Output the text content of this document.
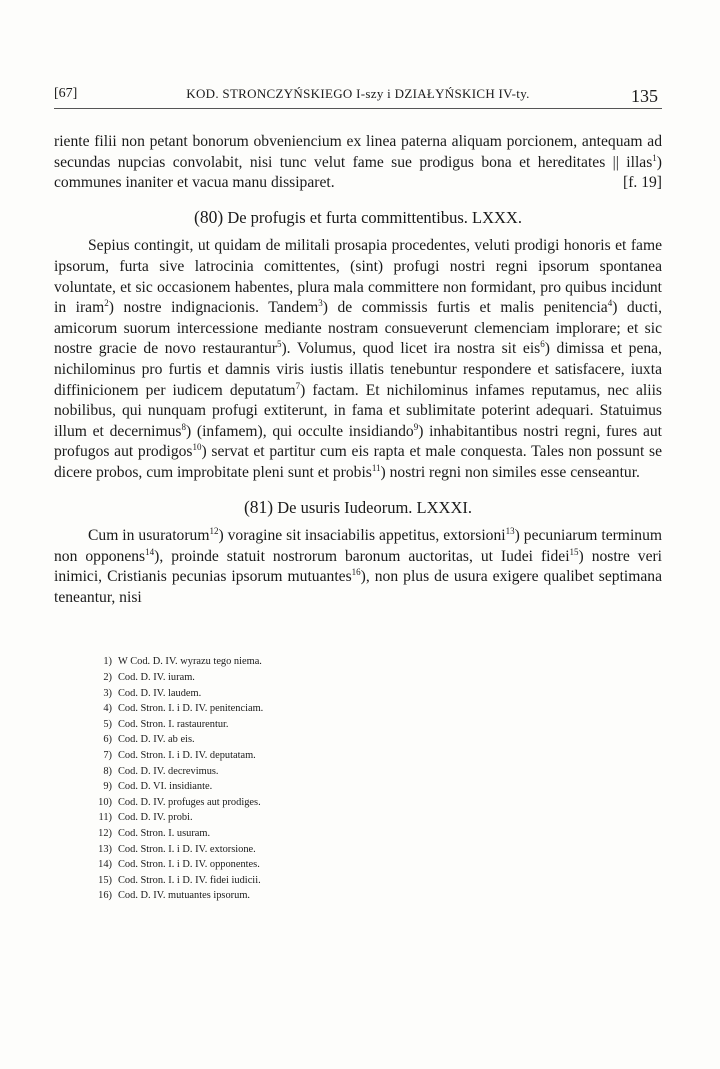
[67]	KOD. STRONCZYŃSKIEGO I-szy i DZIAŁYŃSKICH IV-ty.	135

riente filii non petant bonorum obveniencium ex linea paterna aliquam porcionem, antequam ad secundas nupcias convolabit, nisi tunc velut fame sue prodigus bona et hereditates || illas$^1$) communes inaniter et vacua	[f. 19]
manu dissiparet.

(80) De profugis et furta committentibus. LXXX.

Sepius contingit, ut quidam de militali prosapia procedentes, veluti prodigi honoris et fame ipsorum, furta sive latrocinia comittentes, (sint) profugi nostri regni ipsorum spontanea voluntate, et sic occasionem habentes, plura mala committere non formidant, pro quibus incidunt in iram$^2$) nostre indignacionis. Tandem$^3$) de commissis furtis et malis penitencia$^4$) ducti, amicorum suorum intercessione mediante nostram consueverunt clemenciam implorare; et sic nostre gracie de novo restaurantur$^5$). Volumus, quod licet ira nostra sit eis$^6$) dimissa et pena, nichilominus pro furtis et damnis viris iustis illatis tenebuntur respondere et satisfacere, iuxta diffinicionem per iudicem deputatum$^7$) factam. Et nichilominus infames reputamus, nec aliis nobilibus, qui nunquam profugi extiterunt, in fama et sublimitate poterint adequari. Statuimus illum et decernimus$^8$) (infamem), qui occulte insidiando$^9$) inhabitantibus nostri regni, fures aut profugos aut prodigos$^{10}$) servat et partitur cum eis rapta et male conquesta. Tales non possunt se dicere probos, cum improbitate pleni sunt et probis$^{11}$) nostri regni non similes esse censeantur.

(81) De usuris Iudeorum. LXXXI.

Cum in usuratorum$^{12}$) voragine sit insaciabilis appetitus, extorsioni$^{13}$) pecuniarum terminum non opponens$^{14}$), proinde statuit nostrorum baronum auctoritas, ut Iudei fidei$^{15}$) nostre veri inimici, Cristianis pecunias ipsorum mutuantes$^{16}$), non plus de usura exigere qualibet septimana teneantur, nisi

1) W Cod. D. IV. wyrazu tego niema.
2) Cod. D. IV. iuram.
3) Cod. D. IV. laudem.
4) Cod. Stron. I. i D. IV. penitenciam.
5) Cod. Stron. I. rastaurentur.
6) Cod. D. IV. ab eis.
7) Cod. Stron. I. i D. IV. deputatam.
8) Cod. D. IV. decrevimus.
9) Cod. D. VI. insidiante.
10) Cod. D. IV. profuges aut prodiges.
11) Cod. D. IV. probi.
12) Cod. Stron. I. usuram.
13) Cod. Stron. I. i D. IV. extorsione.
14) Cod. Stron. I. i D. IV. opponentes.
15) Cod. Stron. I. i D. IV. fidei iudicii.
16) Cod. D. IV. mutuantes ipsorum.
